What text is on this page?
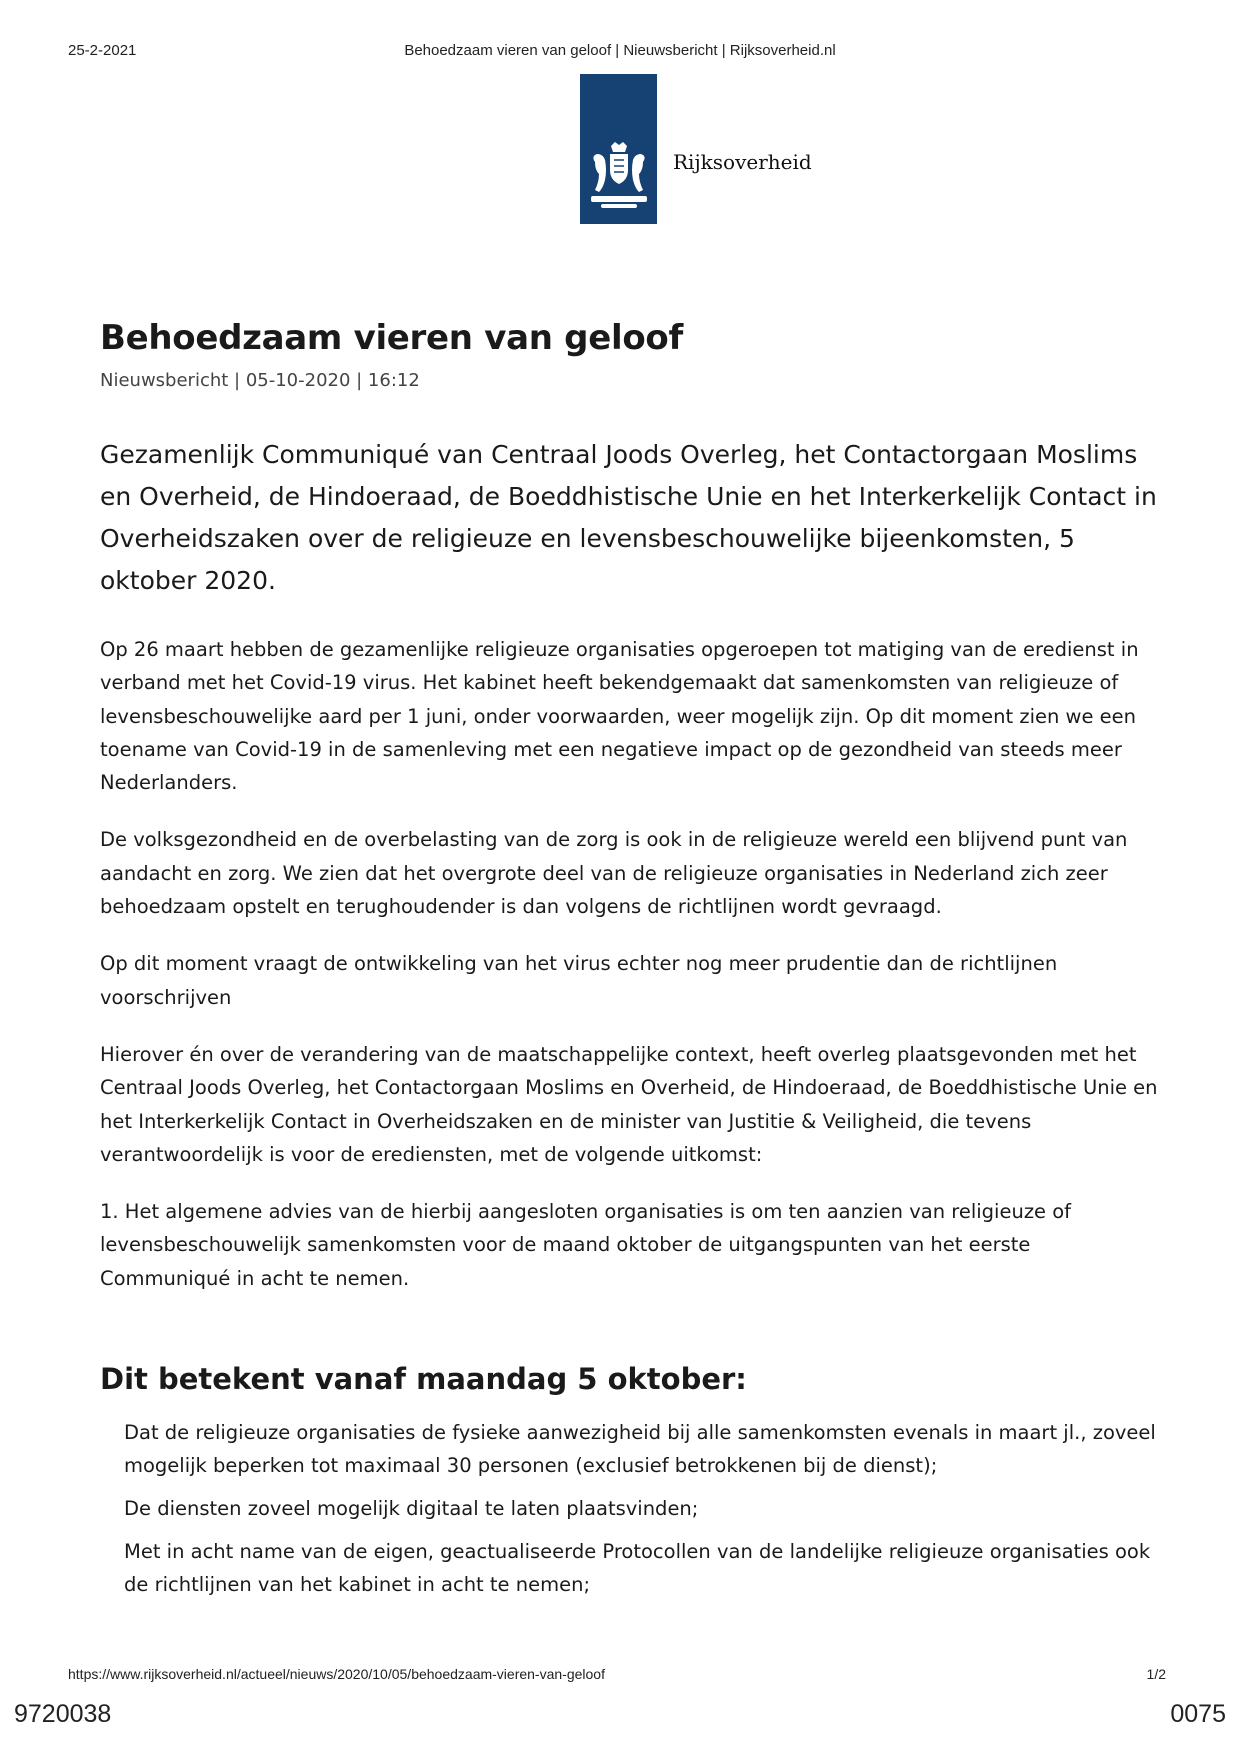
25-2-2021	Behoedzaam vieren van geloof | Nieuwsbericht | Rijksoverheid.nl
Rijksoverheid
Behoedzaam vieren van geloof
Nieuwsbericht | 05-10-2020 | 16:12

Gezamenlijk Communiqué van Centraal Joods Overleg, het Contactorgaan Moslims en Overheid, de Hindoeraad, de Boeddhistische Unie en het Interkerkelijk Contact in Overheidszaken over de religieuze en levensbeschouwelijke bijeenkomsten, 5 oktober 2020.

Op 26 maart hebben de gezamenlijke religieuze organisaties opgeroepen tot matiging van de eredienst in verband met het Covid-19 virus. Het kabinet heeft bekendgemaakt dat samenkomsten van religieuze of levensbeschouwelijke aard per 1 juni, onder voorwaarden, weer mogelijk zijn. Op dit moment zien we een toename van Covid-19 in de samenleving met een negatieve impact op de gezondheid van steeds meer Nederlanders.

De volksgezondheid en de overbelasting van de zorg is ook in de religieuze wereld een blijvend punt van aandacht en zorg. We zien dat het overgrote deel van de religieuze organisaties in Nederland zich zeer behoedzaam opstelt en terughoudender is dan volgens de richtlijnen wordt gevraagd.

Op dit moment vraagt de ontwikkeling van het virus echter nog meer prudentie dan de richtlijnen voorschrijven

Hierover én over de verandering van de maatschappelijke context, heeft overleg plaatsgevonden met het Centraal Joods Overleg, het Contactorgaan Moslims en Overheid, de Hindoeraad, de Boeddhistische Unie en het Interkerkelijk Contact in Overheidszaken en de minister van Justitie & Veiligheid, die tevens verantwoordelijk is voor de erediensten, met de volgende uitkomst:

1. Het algemene advies van de hierbij aangesloten organisaties is om ten aanzien van religieuze of levensbeschouwelijk samenkomsten voor de maand oktober de uitgangspunten van het eerste Communiqué in acht te nemen.

Dit betekent vanaf maandag 5 oktober:
Dat de religieuze organisaties de fysieke aanwezigheid bij alle samenkomsten evenals in maart jl., zoveel mogelijk beperken tot maximaal 30 personen (exclusief betrokkenen bij de dienst);
De diensten zoveel mogelijk digitaal te laten plaatsvinden;
Met in acht name van de eigen, geactualiseerde Protocollen van de landelijke religieuze organisaties ook de richtlijnen van het kabinet in acht te nemen;
https://www.rijksoverheid.nl/actueel/nieuws/2020/10/05/behoedzaam-vieren-van-geloof	1/2
9720038	0075
